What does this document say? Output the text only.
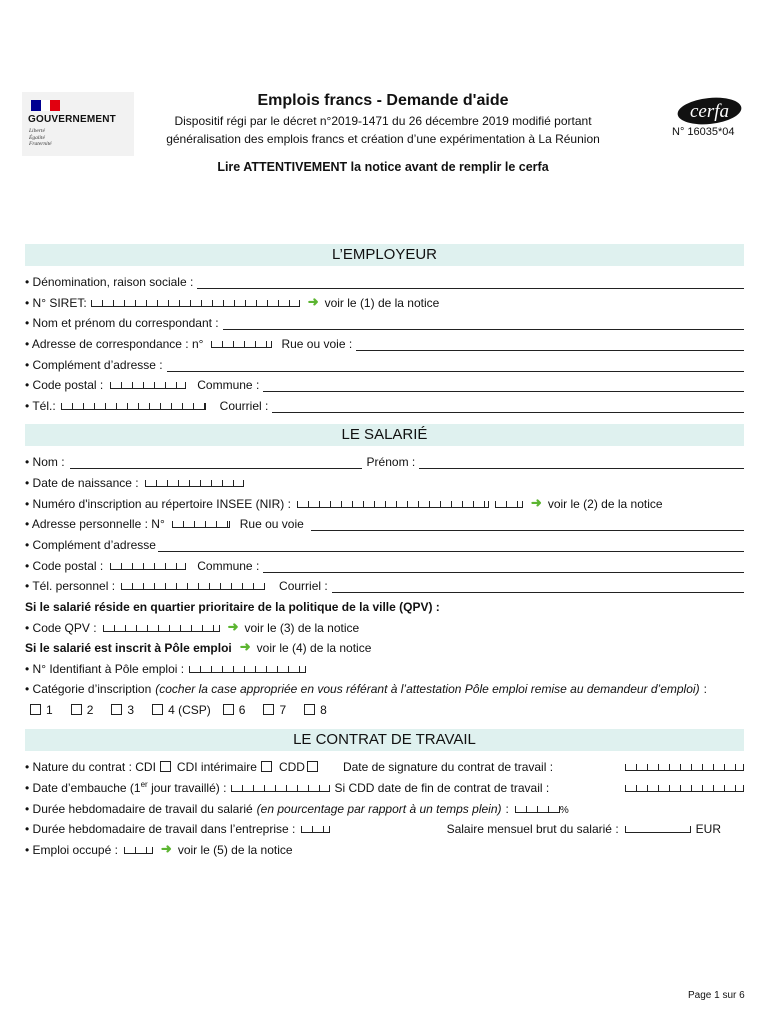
GOUVERNEMENT
Liberté
Égalité
Fraternité
Emplois francs - Demande d'aide
Dispositif régi par le décret n°2019-1471 du 26 décembre 2019 modifié portant
généralisation des emplois francs et création d’une expérimentation à La Réunion
Lire ATTENTIVEMENT la notice avant de remplir le cerfa
cerfa
N° 16035*04
L’EMPLOYEUR
• Dénomination, raison sociale :
• N° SIRET:	➜ voir le (1) de la notice
• Nom et prénom du correspondant :
• Adresse de correspondance : n°	Rue ou voie :
• Complément d’adresse :
• Code postal :	Commune :
• Tél.:	Courriel :
LE SALARIÉ
• Nom :	Prénom :
• Date de naissance :
• Numéro d'inscription au répertoire INSEE (NIR) :	➜ voir le (2) de la notice
• Adresse personnelle : N°	Rue ou voie
• Complément d’adresse
• Code postal :	Commune :
• Tél. personnel :	Courriel :
Si le salarié réside en quartier prioritaire de la politique de la ville (QPV) :
• Code QPV :	➜ voir le (3) de la notice
Si le salarié est inscrit à Pôle emploi ➜ voir le (4) de la notice
• N° Identifiant à Pôle emploi :
• Catégorie d’inscription (cocher la case appropriée en vous référant à l’attestation Pôle emploi remise au demandeur d’emploi) :
1	2	3	4 (CSP) 6	7	8
LE CONTRAT DE TRAVAIL
• Nature du contrat : CDI CDI intérimaire CDD	Date de signature du contrat de travail :
• Date d’embauche (1er jour travaillé) :	Si CDD date de fin de contrat de travail :
• Durée hebdomadaire de travail du salarié (en pourcentage par rapport à un temps plein) :	%
• Durée hebdomadaire de travail dans l’entreprise :	Salaire mensuel brut du salarié :	EUR
• Emploi occupé :	➜ voir le (5) de la notice
Page 1 sur 6
